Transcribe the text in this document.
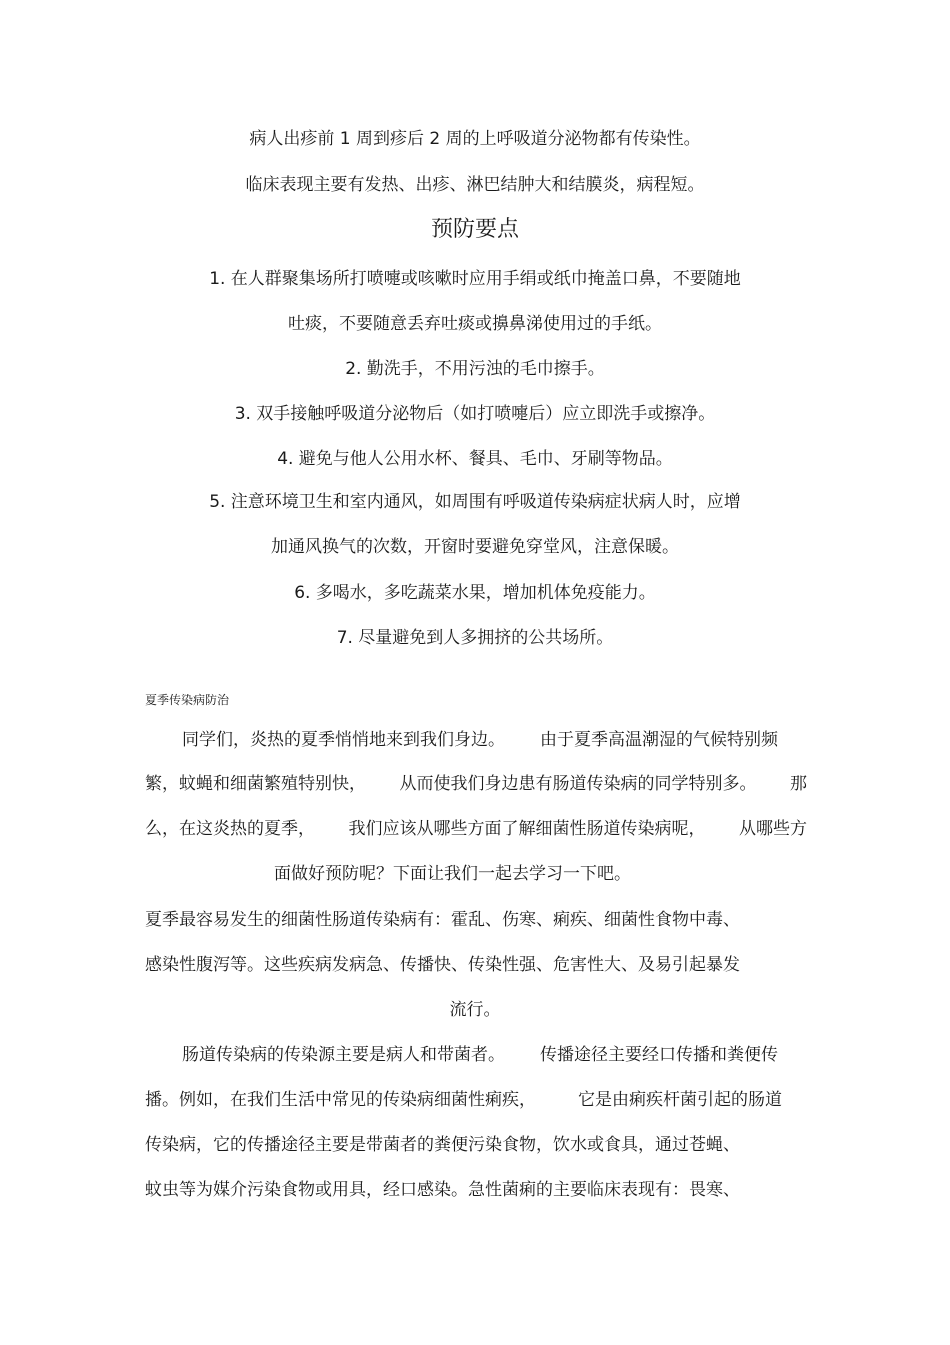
病人出疹前 1 周到疹后 2 周的上呼吸道分泌物都有传染性。

临床表现主要有发热、出疹、淋巴结肿大和结膜炎，病程短。

预防要点

1. 在人群聚集场所打喷嚏或咳嗽时应用手绢或纸巾掩盖口鼻，不要随地

吐痰，不要随意丢弃吐痰或擤鼻涕使用过的手纸。

2. 勤洗手，不用污浊的毛巾擦手。

3. 双手接触呼吸道分泌物后（如打喷嚏后）应立即洗手或擦净。

4. 避免与他人公用水杯、餐具、毛巾、牙刷等物品。

5. 注意环境卫生和室内通风，如周围有呼吸道传染病症状病人时，应增

加通风换气的次数，开窗时要避免穿堂风，注意保暖。

6. 多喝水，多吃蔬菜水果，增加机体免疫能力。

7. 尽量避免到人多拥挤的公共场所。

夏季传染病防治

同学们，炎热的夏季悄悄地来到我们身边。 由于夏季高温潮湿的气候特别频

繁，蚊蝇和细菌繁殖特别快， 从而使我们身边患有肠道传染病的同学特别多。 那
么，在这炎热的夏季， 我们应该从哪些方面了解细菌性肠道传染病呢， 从哪些方

面做好预防呢？下面让我们一起去学习一下吧。

夏季最容易发生的细菌性肠道传染病有：霍乱、伤寒、痢疾、细菌性食物中毒、

感染性腹泻等。这些疾病发病急、传播快、传染性强、危害性大、及易引起暴发

流行。

肠道传染病的传染源主要是病人和带菌者。 传播途径主要经口传播和粪便传

播。例如，在我们生活中常见的传染病细菌性痢疾， 它是由痢疾杆菌引起的肠道

传染病，它的传播途径主要是带菌者的粪便污染食物，饮水或食具，通过苍蝇、

蚊虫等为媒介污染食物或用具，经口感染。急性菌痢的主要临床表现有：畏寒、
